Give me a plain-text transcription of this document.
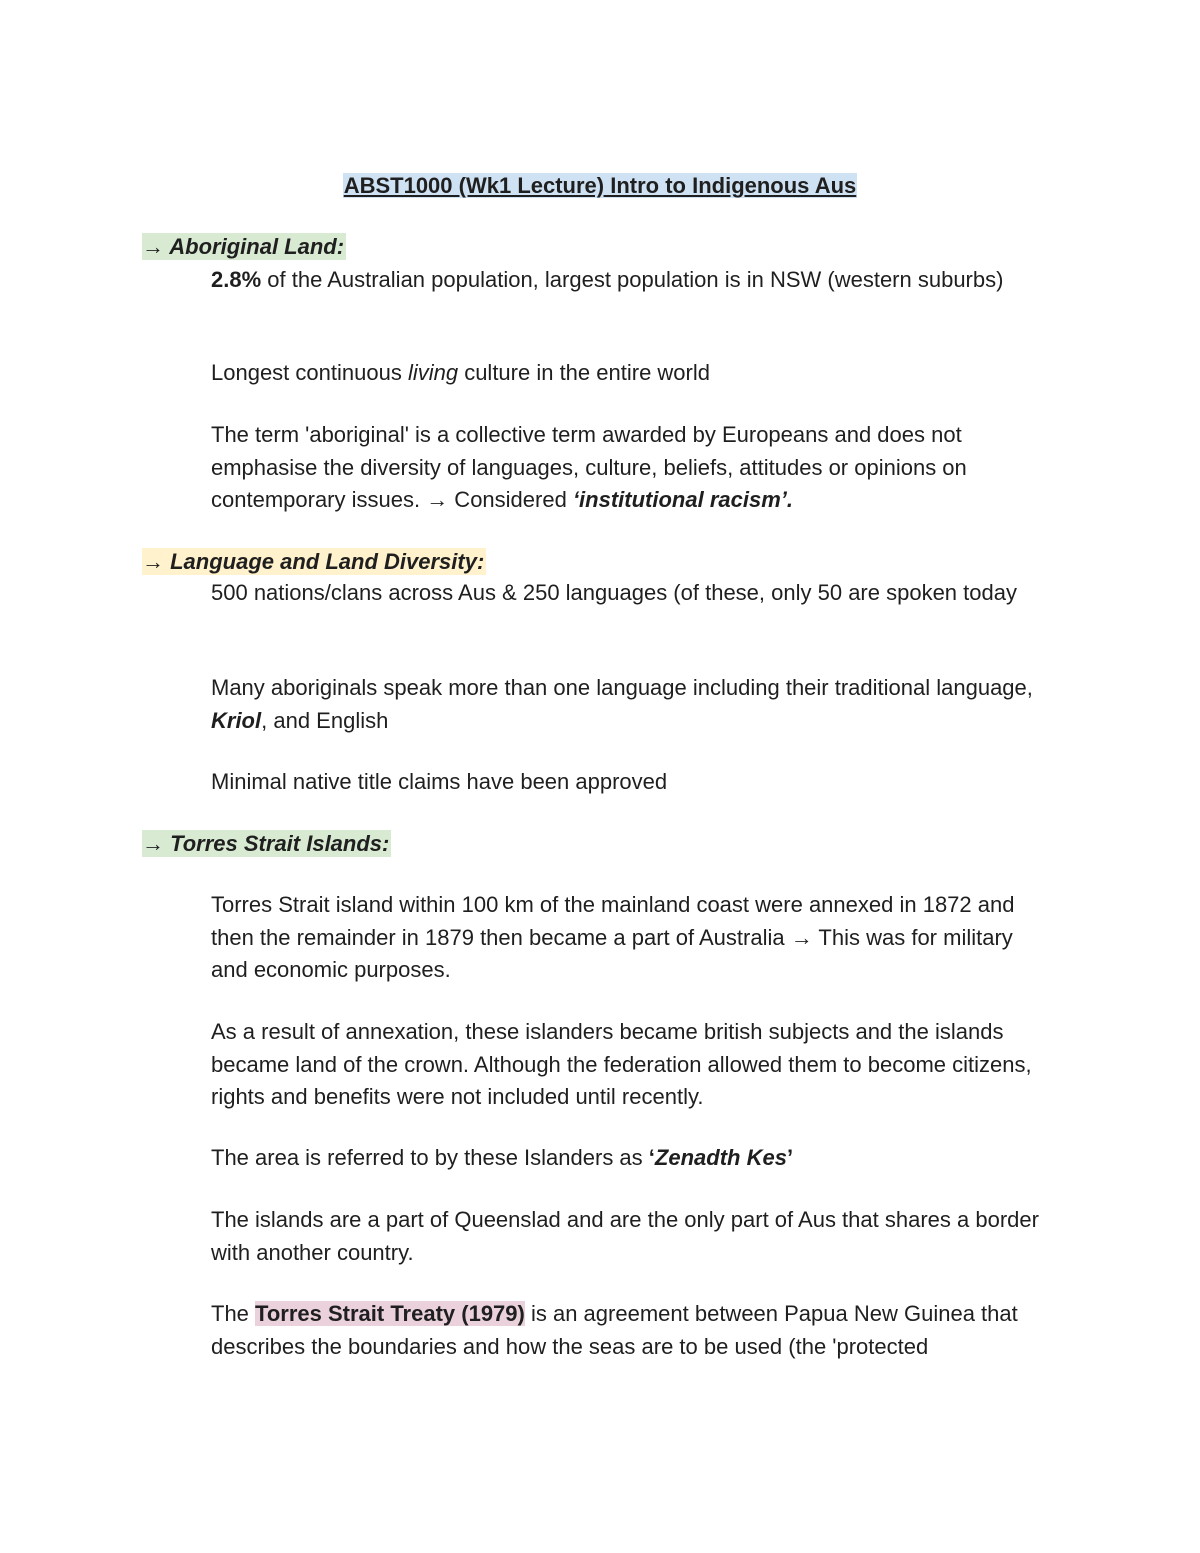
ABST1000 (Wk1 Lecture) Intro to Indigenous Aus
→ Aboriginal Land:
2.8% of the Australian population, largest population is in NSW (western suburbs)
Longest continuous living culture in the entire world
The term 'aboriginal' is a collective term awarded by Europeans and does not emphasise the diversity of languages, culture, beliefs, attitudes or opinions on contemporary issues. → Considered ‘institutional racism’.
→ Language and Land Diversity:
500 nations/clans across Aus & 250 languages (of these, only 50 are spoken today
Many aboriginals speak more than one language including their traditional language, Kriol, and English
Minimal native title claims have been approved
→ Torres Strait Islands:
Torres Strait island within 100 km of the mainland coast were annexed in 1872 and then the remainder in 1879 then became a part of Australia → This was for military and economic purposes.
As a result of annexation, these islanders became british subjects and the islands became land of the crown. Although the federation allowed them to become citizens, rights and benefits were not included until recently.
The area is referred to by these Islanders as ‘Zenadth Kes’
The islands are a part of Queenslad and are the only part of Aus that shares a border with another country.
The Torres Strait Treaty (1979) is an agreement between Papua New Guinea that describes the boundaries and how the seas are to be used (the 'protected
